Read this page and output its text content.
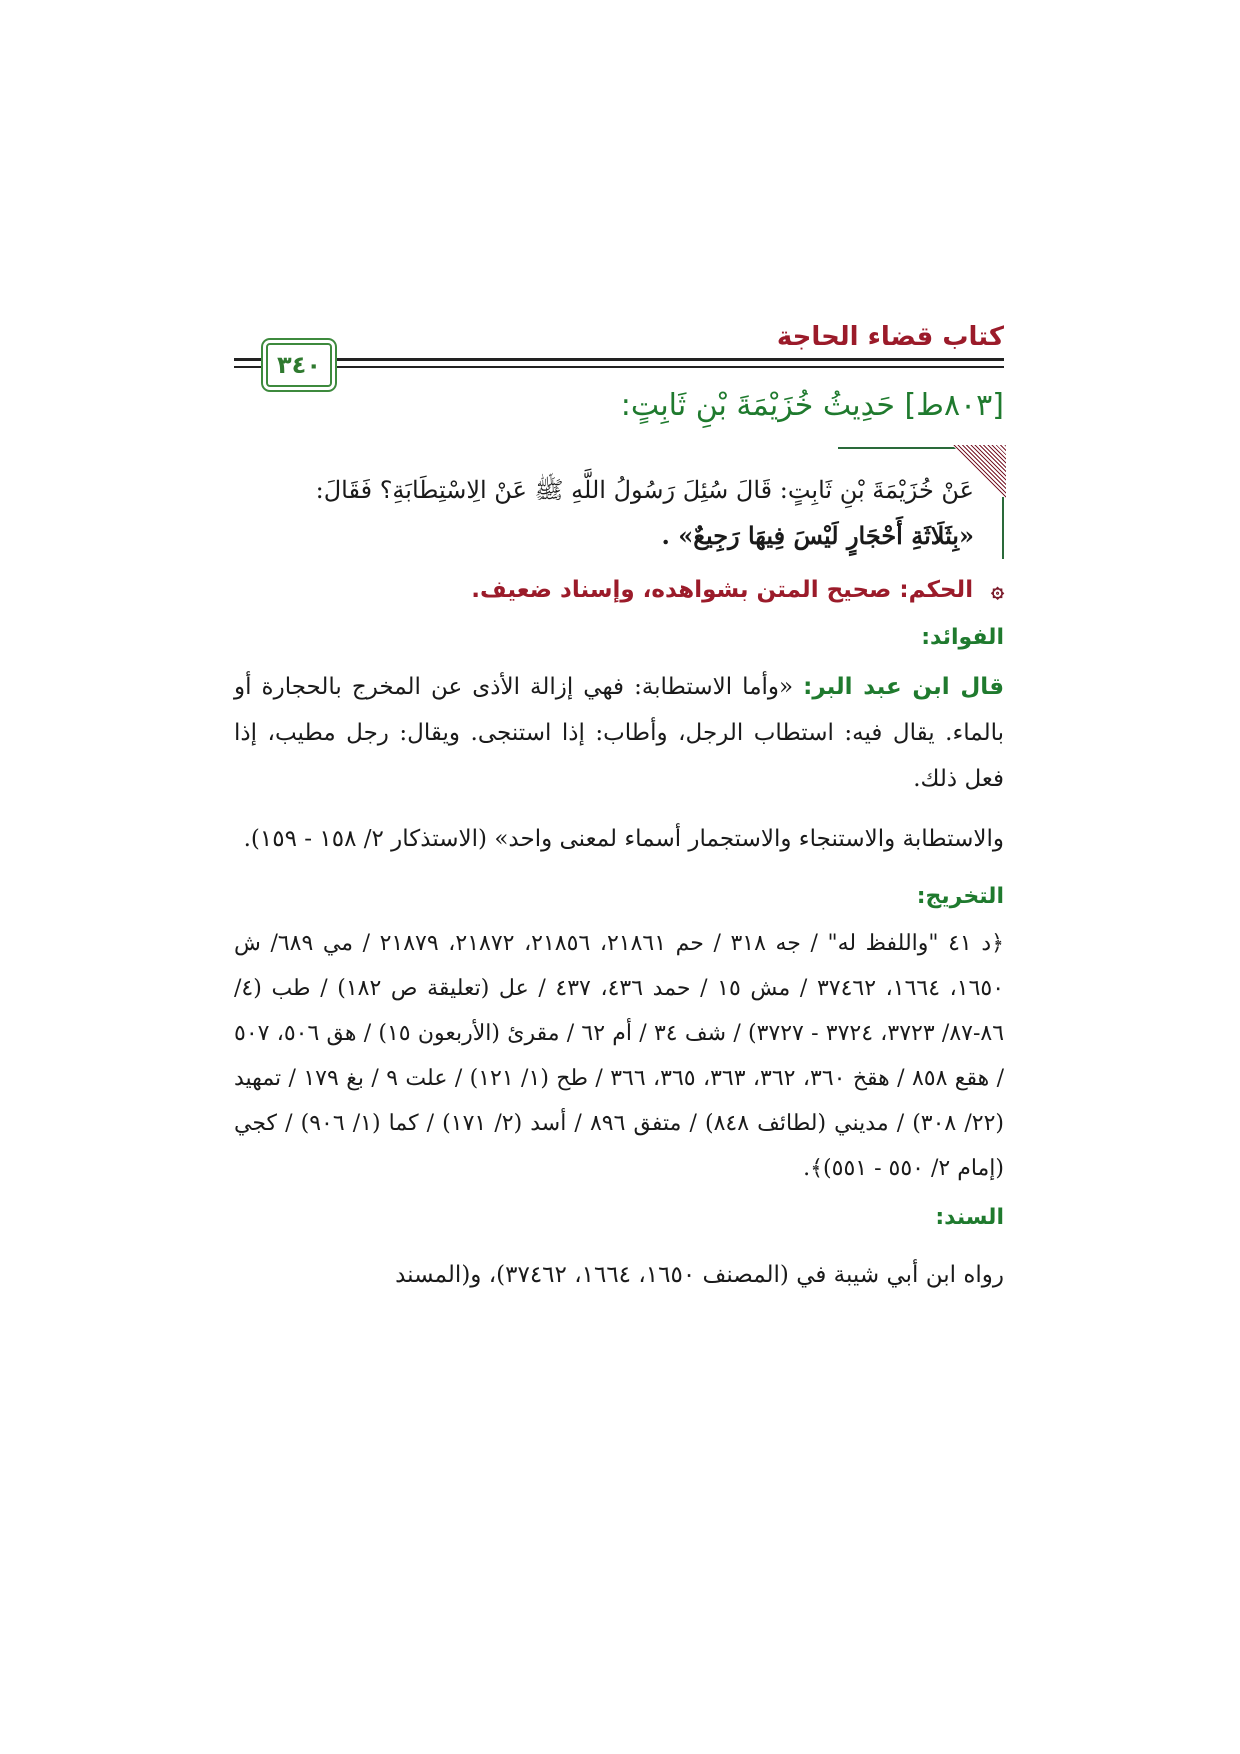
كتاب قضاء الحاجة
٣٤٠
[٨٠٣ط] حَدِيثُ خُزَيْمَةَ بْنِ ثَابِتٍ:
عَنْ خُزَيْمَةَ بْنِ ثَابِتٍ: قَالَ سُئِلَ رَسُولُ اللَّهِ ﷺ عَنْ الِاسْتِطَابَةِ؟ فَقَالَ:
«بِثَلَاثَةِ أَحْجَارٍ لَيْسَ فِيهَا رَجِيعٌ» .
۞ الحكم: صحيح المتن بشواهده، وإسناد ضعيف.
الفوائد:
قال ابن عبد البر: «وأما الاستطابة: فهي إزالة الأذى عن المخرج بالحجارة أو بالماء. يقال فيه: استطاب الرجل، وأطاب: إذا استنجى. ويقال: رجل مطيب، إذا فعل ذلك.
والاستطابة والاستنجاء والاستجمار أسماء لمعنى واحد» (الاستذكار ٢/ ١٥٨ - ١٥٩).
التخريج:
﴿د ٤١ "واللفظ له" / جه ٣١٨ / حم ٢١٨٦١، ٢١٨٥٦، ٢١٨٧٢، ٢١٨٧٩ / مي ٦٨٩/ ش ١٦٥٠، ١٦٦٤، ٣٧٤٦٢ / مش ١٥ / حمد ٤٣٦، ٤٣٧ / عل (تعليقة ص ١٨٢) / طب (٤/ ٨٦-٨٧/ ٣٧٢٣، ٣٧٢٤ - ٣٧٢٧) / شف ٣٤ / أم ٦٢ / مقرئ (الأربعون ١٥) / هق ٥٠٦، ٥٠٧ / هقع ٨٥٨ / هقخ ٣٦٠، ٣٦٢، ٣٦٣، ٣٦٥، ٣٦٦ / طح (١/ ١٢١) / علت ٩ / بغ ١٧٩ / تمهيد (٢٢/ ٣٠٨) / مديني (لطائف ٨٤٨) / متفق ٨٩٦ / أسد (٢/ ١٧١) / كما (١/ ٩٠٦) / كجي (إمام ٢/ ٥٥٠ - ٥٥١)﴾.
السند:
رواه ابن أبي شيبة في (المصنف ١٦٥٠، ١٦٦٤، ٣٧٤٦٢)، و(المسند
